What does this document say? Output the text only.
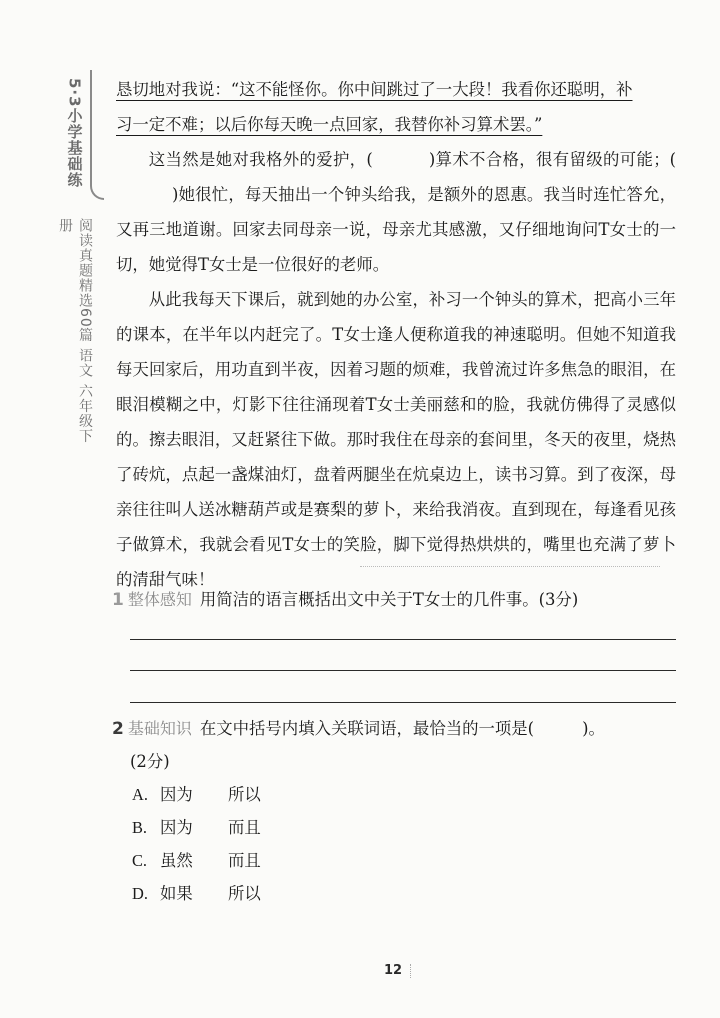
5·3小学基础练
阅读真题精选60篇 语文 六年级下册

恳切地对我说：“这不能怪你。你中间跳过了一大段！我看你还聪明，补

习一定不难；以后你每天晚一点回家，我替你补习算术罢。”

这当然是她对我格外的爱护，(	)算术不合格，很有留级的可能；()她很忙，每天抽出一个钟头给我，是额外的恩惠。我当时连忙答允，又再三地道谢。回家去同母亲一说，母亲尤其感激，又仔细地询问T女士的一切，她觉得T女士是一位很好的老师。

从此我每天下课后，就到她的办公室，补习一个钟头的算术，把高小三年的课本，在半年以内赶完了。T女士逢人便称道我的神速聪明。但她不知道我每天回家后，用功直到半夜，因着习题的烦难，我曾流过许多焦急的眼泪，在眼泪模糊之中，灯影下往往涌现着T女士美丽慈和的脸，我就仿佛得了灵感似的。擦去眼泪，又赶紧往下做。那时我住在母亲的套间里，冬天的夜里，烧热了砖炕，点起一盏煤油灯，盘着两腿坐在炕桌边上，读书习算。到了夜深，母亲往往叫人送冰糖葫芦或是赛梨的萝卜，来给我消夜。直到现在，每逢看见孩子做算术，我就会看见T女士的笑脸，脚下觉得热烘烘的，嘴里也充满了萝卜的清甜气味！

1 整体感知 用简洁的语言概括出文中关于T女士的几件事。(3分)
2 基础知识 在文中括号内填入关联词语，最恰当的一项是(	)。
(2分)
A. 因为	所以
B. 因为	而且
C. 虽然	而且
D. 如果	所以
12
